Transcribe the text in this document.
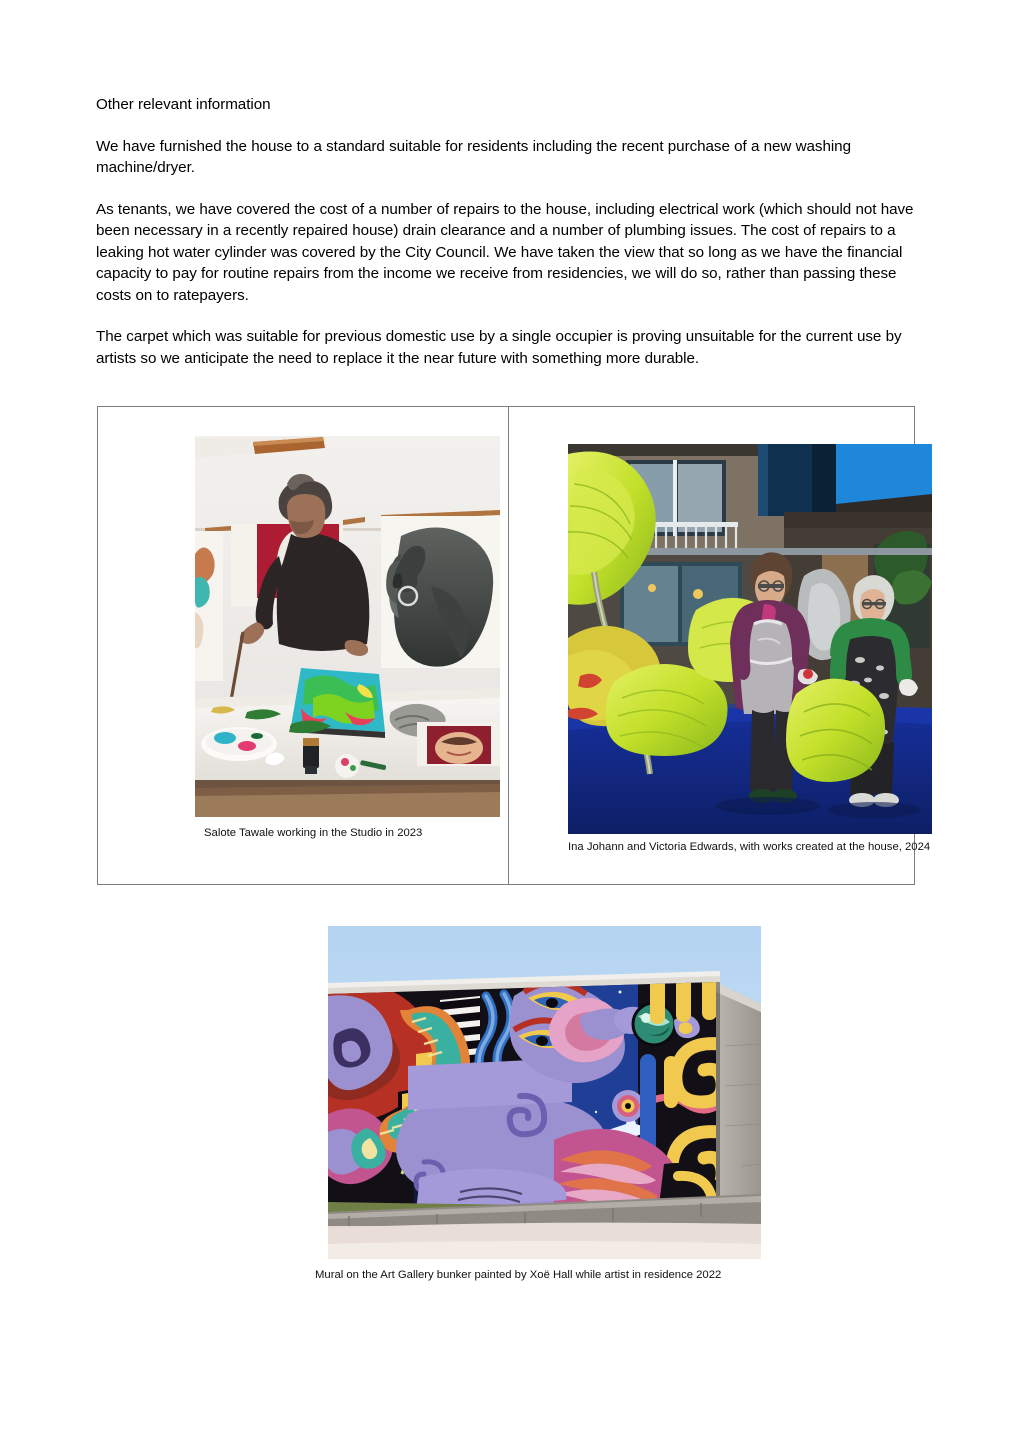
Other relevant information

We have furnished the house to a standard suitable for residents including the recent purchase of a new washing machine/dryer.

As tenants, we have covered the cost of a number of repairs to the house, including electrical work (which should not have been necessary in a recently repaired house) drain clearance and a number of plumbing issues. The cost of repairs to a leaking hot water cylinder was covered by the City Council. We have taken the view that so long as we have the financial capacity to pay for routine repairs from the income we receive from residencies, we will do so, rather than passing these costs on to ratepayers.

The carpet which was suitable for previous domestic use by a single occupier is proving unsuitable for the current use by artists so we anticipate the need to replace it the near future with something more durable.

Salote Tawale working in the Studio in 2023
Ina Johann and Victoria Edwards, with works created at the house, 2024
Mural on the Art Gallery bunker painted by Xoë Hall while artist in residence 2022
